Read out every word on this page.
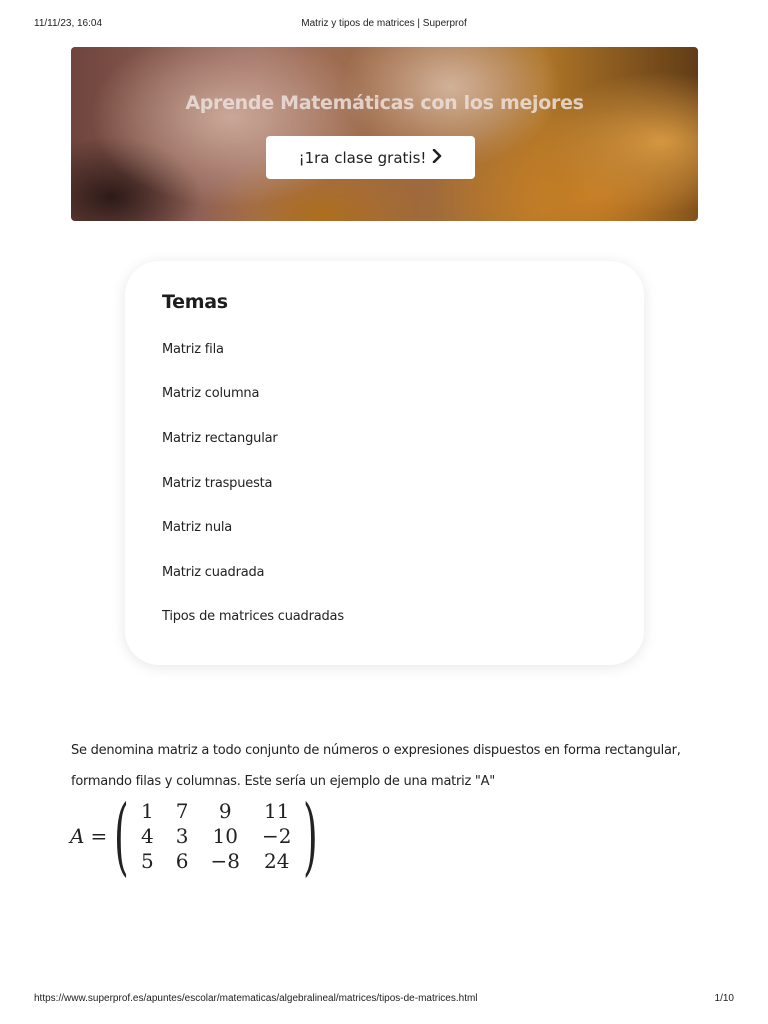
11/11/23, 16:04	Matriz y tipos de matrices | Superprof
Aprende Matemáticas con los mejores
¡1ra clase gratis!
Temas
Matriz fila
Matriz columna
Matriz rectangular
Matriz traspuesta
Matriz nula
Matriz cuadrada
Tipos de matrices cuadradas

Se denomina matriz a todo conjunto de números o expresiones dispuestos en forma rectangular,

formando filas y columnas. Este sería un ejemplo de una matriz "A"

A = ( 1	7	9	11
4	3	10	−2
5	6	−8	24 )
https://www.superprof.es/apuntes/escolar/matematicas/algebralineal/matrices/tipos-de-matrices.html	1/10
